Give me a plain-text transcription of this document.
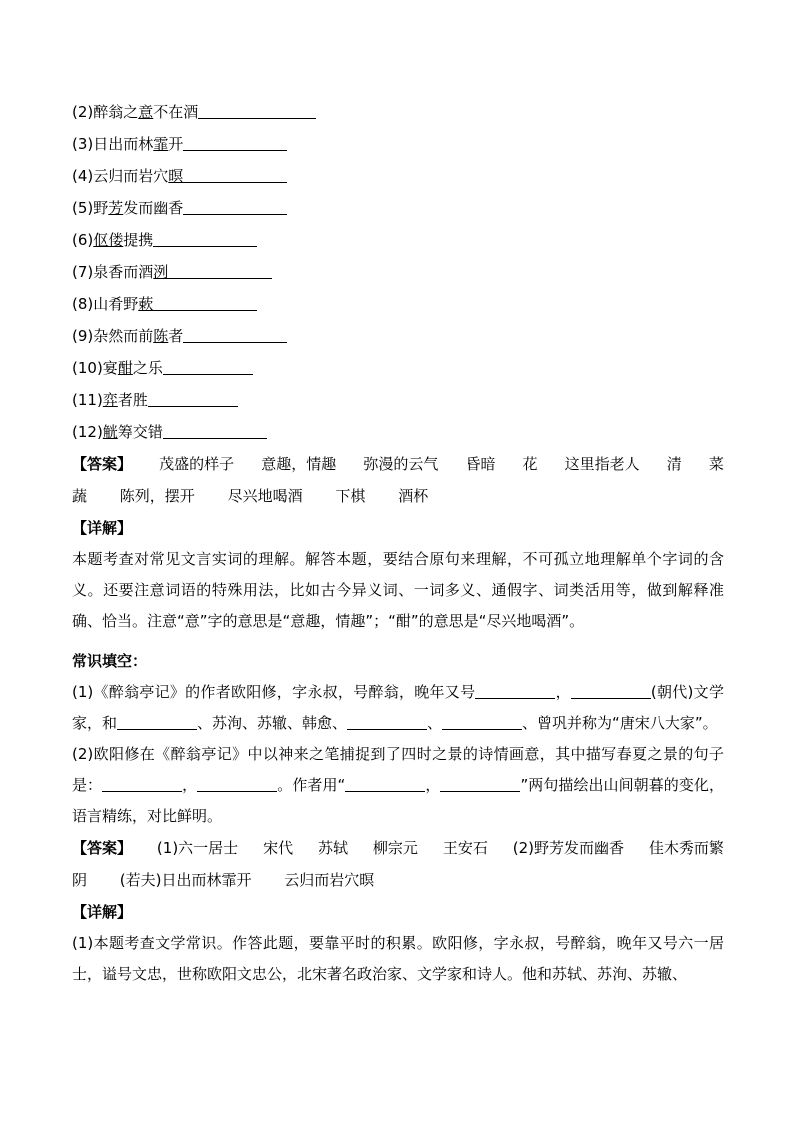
(2)醉翁之意不在酒
(3)日出而林霏开
(4)云归而岩穴暝
(5)野芳发而幽香
(6)伛偻提携
(7)泉香而酒洌
(8)山肴野蔌
(9)杂然而前陈者
(10)宴酣之乐
(11)弈者胜
(12)觥筹交错
【答案】 茂盛的样子 意趣，情趣 弥漫的云气 昏暗 花 这里指老人 清 菜
蔬 陈列，摆开 尽兴地喝酒 下棋 酒杯
【详解】
本题考查对常见文言实词的理解。解答本题，要结合原句来理解，不可孤立地理解单个字词的含义。还要注意词语的特殊用法，比如古今异义词、一词多义、通假字、词类活用等，做到解释准确、恰当。注意“意”字的意思是“意趣，情趣”；“酣”的意思是“尽兴地喝酒”。
常识填空：
(1)《醉翁亭记》的作者欧阳修，字永叔，号醉翁，晚年又号	，	(朝代)文学家，和	、苏洵、苏辙、韩愈、	、	、曾巩并称为“唐宋八大家”。
(2)欧阳修在《醉翁亭记》中以神来之笔捕捉到了四时之景的诗情画意，其中描写春夏之景的句子是：	，	。作者用“	，	”两句描绘出山间朝暮的变化，语言精练，对比鲜明。
【答案】 (1)六一居士 宋代 苏轼 柳宗元 王安石 (2)野芳发而幽香 佳木秀而繁
阴 (若夫)日出而林霏开 云归而岩穴暝
【详解】
(1)本题考查文学常识。作答此题，要靠平时的积累。欧阳修，字永叔，号醉翁，晚年又号六一居士，谥号文忠，世称欧阳文忠公，北宋著名政治家、文学家和诗人。他和苏轼、苏洵、苏辙、
